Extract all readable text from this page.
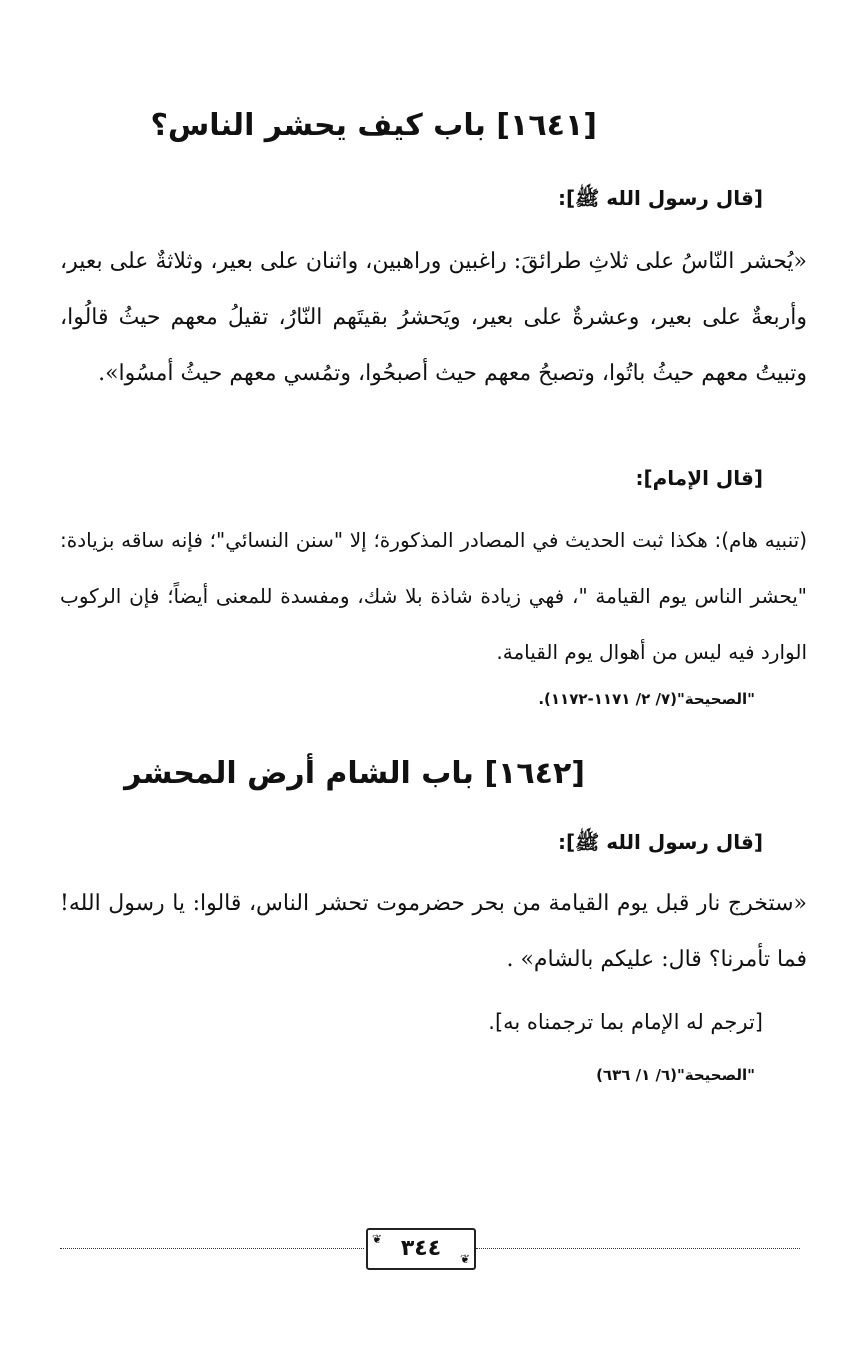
[١٦٤١] باب كيف يحشر الناس؟
[قال رسول الله ﷺ]:
«يُحشر النّاسُ على ثلاثِ طرائقَ: راغبين وراهبين، واثنان على بعير، وثلاثةٌ على بعير، وأربعةٌ على بعير، وعشرةٌ على بعير، ويَحشرُ بقيتَهم النّارُ، تقيلُ معهم حيثُ قالُوا، وتبيتُ معهم حيثُ باتُوا، وتصبحُ معهم حيث أصبحُوا، وتمُسي معهم حيثُ أمسُوا».
[قال الإمام]:
(تنبيه هام): هكذا ثبت الحديث في المصادر المذكورة؛ إلا "سنن النسائي"؛ فإنه ساقه بزيادة: "يحشر الناس يوم القيامة "، فهي زيادة شاذة بلا شك، ومفسدة للمعنى أيضاً؛ فإن الركوب الوارد فيه ليس من أهوال يوم القيامة.
"الصحيحة"(٧/ ٢/ ١١٧١-١١٧٢).
[١٦٤٢] باب الشام أرض المحشر
[قال رسول الله ﷺ]:
«ستخرج نار قبل يوم القيامة من بحر حضرموت تحشر الناس، قالوا: يا رسول الله! فما تأمرنا؟ قال: عليكم بالشام» .
[ترجم له الإمام بما ترجمناه به].
"الصحيحة"(٦/ ١/ ٦٣٦)
❦ ٣٤٤ ❦
